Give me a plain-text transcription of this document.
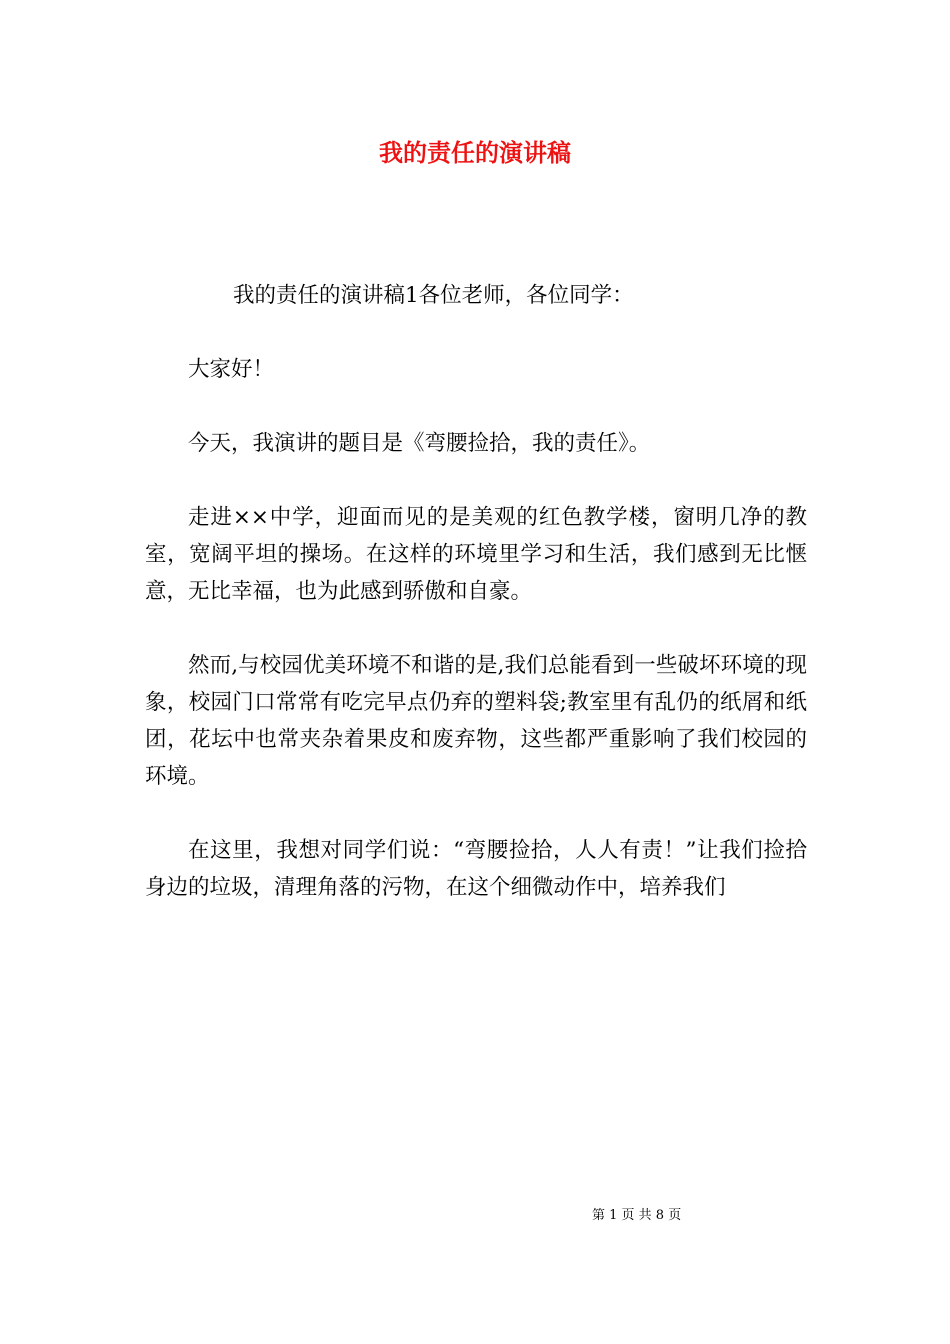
我的责任的演讲稿

我的责任的演讲稿1各位老师，各位同学：

大家好！

今天，我演讲的题目是《弯腰捡拾，我的责任》。

走进××中学，迎面而见的是美观的红色教学楼，窗明几净的教室，宽阔平坦的操场。在这样的环境里学习和生活，我们感到无比惬意，无比幸福，也为此感到骄傲和自豪。

然而,与校园优美环境不和谐的是,我们总能看到一些破坏环境的现象，校园门口常常有吃完早点仍弃的塑料袋;教室里有乱仍的纸屑和纸团，花坛中也常夹杂着果皮和废弃物，这些都严重影响了我们校园的环境。

在这里，我想对同学们说：“弯腰捡拾，人人有责！”让我们捡拾身边的垃圾，清理角落的污物，在这个细微动作中，培养我们

第 1 页 共 8 页
